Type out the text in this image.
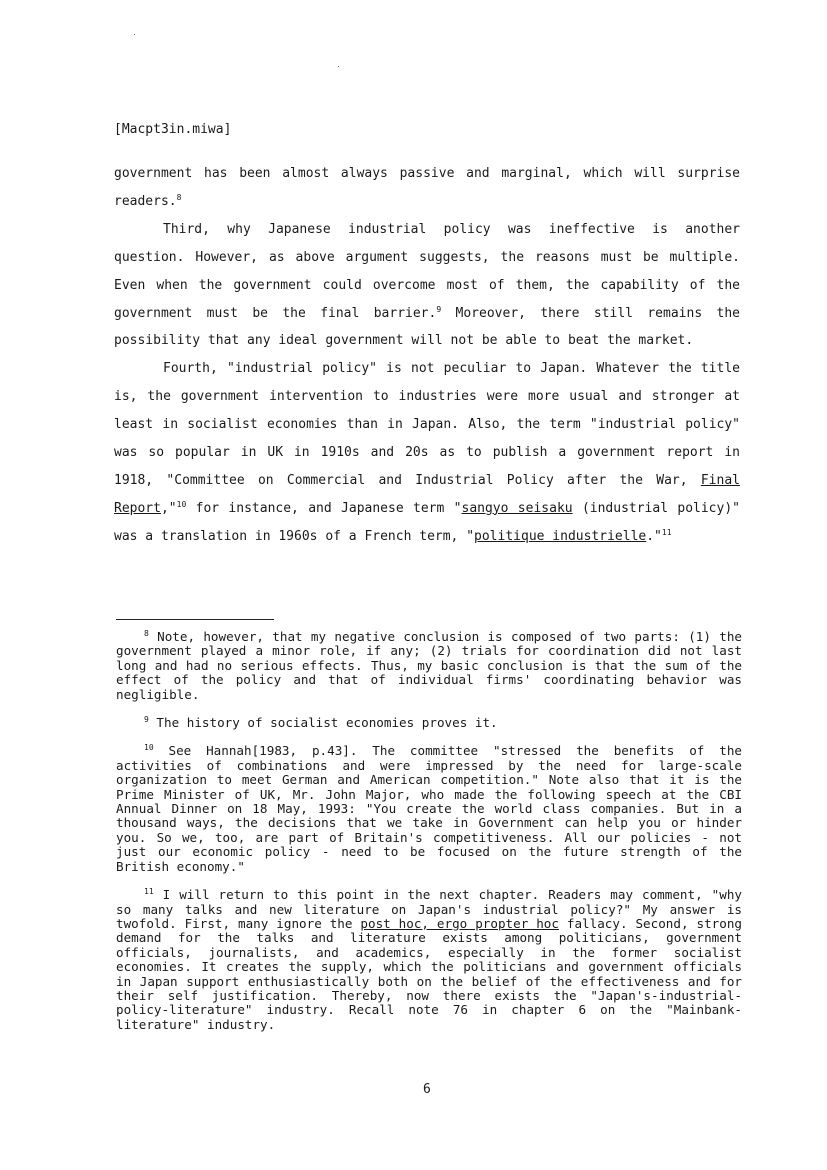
[Macpt3in.miwa]

government has been almost always passive and marginal, which will surprise readers.$^8$

Third, why Japanese industrial policy was ineffective is another question. However, as above argument suggests, the reasons must be multiple. Even when the government could overcome most of them, the capability of the government must be the final barrier.$^9$ Moreover, there still remains the possibility that any ideal government will not be able to beat the market.

Fourth, "industrial policy" is not peculiar to Japan. Whatever the title is, the government intervention to industries were more usual and stronger at least in socialist economies than in Japan. Also, the term "industrial policy" was so popular in UK in 1910s and 20s as to publish a government report in 1918, "Committee on Commercial and Industrial Policy after the War, Final Report,"$^{10}$ for instance, and Japanese term "sangyo seisaku (industrial policy)" was a translation in 1960s of a French term, "politique industrielle."$^{11}$

$^8$ Note, however, that my negative conclusion is composed of two parts: (1) the government played a minor role, if any; (2) trials for coordination did not last long and had no serious effects. Thus, my basic conclusion is that the sum of the effect of the policy and that of individual firms' coordinating behavior was negligible.

$^9$ The history of socialist economies proves it.

$^{10}$ See Hannah[1983, p.43]. The committee "stressed the benefits of the activities of combinations and were impressed by the need for large-scale organization to meet German and American competition." Note also that it is the Prime Minister of UK, Mr. John Major, who made the following speech at the CBI Annual Dinner on 18 May, 1993: "You create the world class companies. But in a thousand ways, the decisions that we take in Government can help you or hinder you. So we, too, are part of Britain's competitiveness. All our policies - not just our economic policy - need to be focused on the future strength of the British economy."

$^{11}$ I will return to this point in the next chapter. Readers may comment, "why so many talks and new literature on Japan's industrial policy?" My answer is twofold. First, many ignore the post hoc, ergo propter hoc fallacy. Second, strong demand for the talks and literature exists among politicians, government officials, journalists, and academics, especially in the former socialist economies. It creates the supply, which the politicians and government officials in Japan support enthusiastically both on the belief of the effectiveness and for their self justification. Thereby, now there exists the "Japan's-industrial-policy-literature" industry. Recall note 76 in chapter 6 on the "Mainbank-literature" industry.

6
